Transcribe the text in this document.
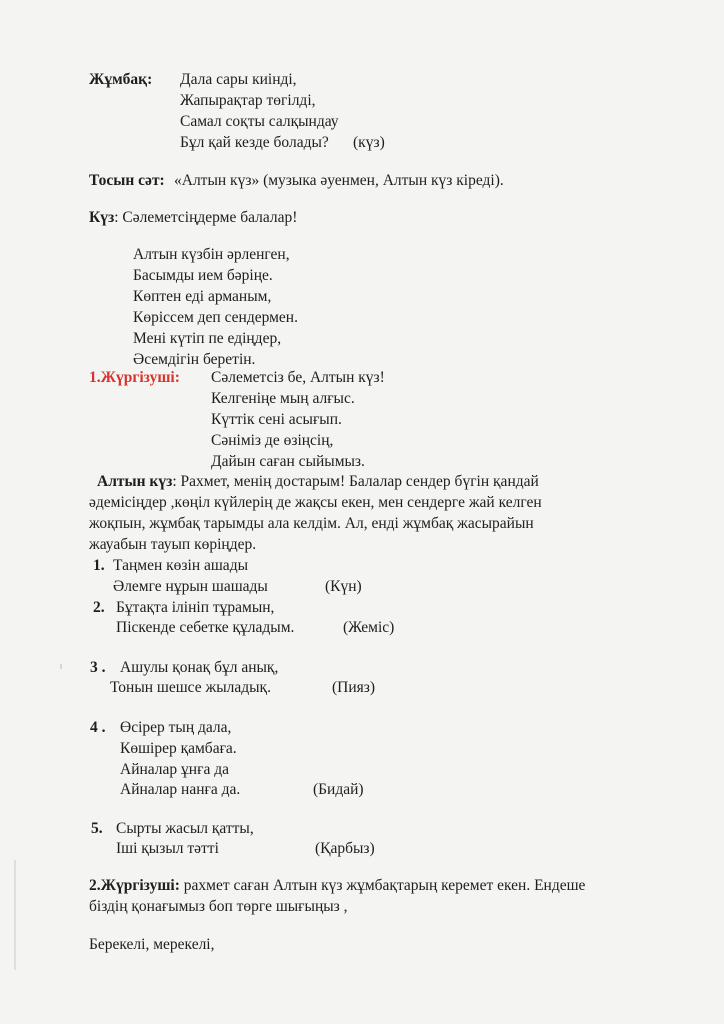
Жұмбақ: Дала сары киінді,
Жапырақтар төгілді,
Самал соқты салқындау
Бұл қай кезде болады? (күз)
Тосын сәт: «Алтын күз» (музыка әуенмен, Алтын күз кіреді).
Күз: Сәлеметсіңдерме балалар!
Алтын күзбін әрленген,
Басымды ием бәріңе.
Көптен еді арманым,
Көріссем деп сендермен.
Мені күтіп пе едіңдер,
Әсемдігін беретін.
1.Жүргізуші: Сәлеметсіз бе, Алтын күз!
Келгеніңе мың алғыс.
Күттік сені асығып.
Сәніміз де өзіңсің,
Дайын саған сыйымыз.
Алтын күз: Рахмет, менің достарым! Балалар сендер бүгін қандай
әдемісіңдер ,көңіл күйлерің де жақсы екен, мен сендерге жай келген
жоқпын, жұмбақ тарымды ала келдім. Ал, енді жұмбақ жасырайын
жауабын тауып көріңдер.
1. Таңмен көзін ашады
Әлемге нұрын шашады	(Күн)
2. Бұтақта ілініп тұрамын,
Піскенде себетке құладым.	(Жеміс)
3 . Ашулы қонақ бұл анық,
Тонын шешсе жыладық.	(Пияз)
4 . Өсірер тың дала,
Көшірер қамбаға.
Айналар ұнға да
Айналар нанға да.	(Бидай)
5. Сырты жасыл қатты,
Іші қызыл тәтті	(Қарбыз)
2.Жүргізуші: рахмет саған Алтын күз жұмбақтарың керемет екен. Ендеше
біздің қонағымыз боп төрге шығыңыз ,
Берекелі, мерекелі,
